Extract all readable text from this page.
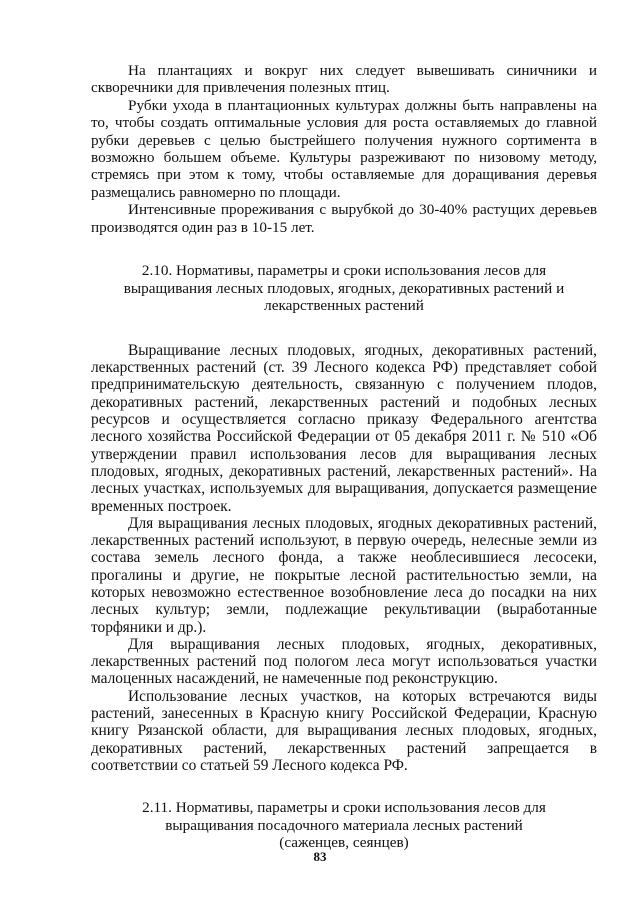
На плантациях и вокруг них следует вывешивать синичники и скворечники для привлечения полезных птиц.

Рубки ухода в плантационных культурах должны быть направлены на то, чтобы создать оптимальные условия для роста оставляемых до главной рубки деревьев с целью быстрейшего получения нужного сортимента в возможно большем объеме. Культуры разреживают по низовому методу, стремясь при этом к тому, чтобы оставляемые для доращивания деревья размещались равномерно по площади.

Интенсивные прореживания с вырубкой до 30-40% растущих деревьев производятся один раз в 10-15 лет.

2.10. Нормативы, параметры и сроки использования лесов для выращивания лесных плодовых, ягодных, декоративных растений и лекарственных растений

Выращивание лесных плодовых, ягодных, декоративных растений, лекарственных растений (ст. 39 Лесного кодекса РФ) представляет собой предпринимательскую деятельность, связанную с получением плодов, декоративных растений, лекарственных растений и подобных лесных ресурсов и осуществляется согласно приказу Федерального агентства лесного хозяйства Российской Федерации от 05 декабря 2011 г. № 510 «Об утверждении правил использования лесов для выращивания лесных плодовых, ягодных, декоративных растений, лекарственных растений». На лесных участках, используемых для выращивания, допускается размещение временных построек.

Для выращивания лесных плодовых, ягодных декоративных растений, лекарственных растений используют, в первую очередь, нелесные земли из состава земель лесного фонда, а также необлесившиеся лесосеки, прогалины и другие, не покрытые лесной растительностью земли, на которых невозможно естественное возобновление леса до посадки на них лесных культур; земли, подлежащие рекультивации (выработанные торфяники и др.).

Для выращивания лесных плодовых, ягодных, декоративных, лекарственных растений под пологом леса могут использоваться участки малоценных насаждений, не намеченные под реконструкцию.

Использование лесных участков, на которых встречаются виды растений, занесенных в Красную книгу Российской Федерации, Красную книгу Рязанской области, для выращивания лесных плодовых, ягодных, декоративных растений, лекарственных растений запрещается в соответствии со статьей 59 Лесного кодекса РФ.

2.11. Нормативы, параметры и сроки использования лесов для выращивания посадочного материала лесных растений (саженцев, сеянцев)
83
